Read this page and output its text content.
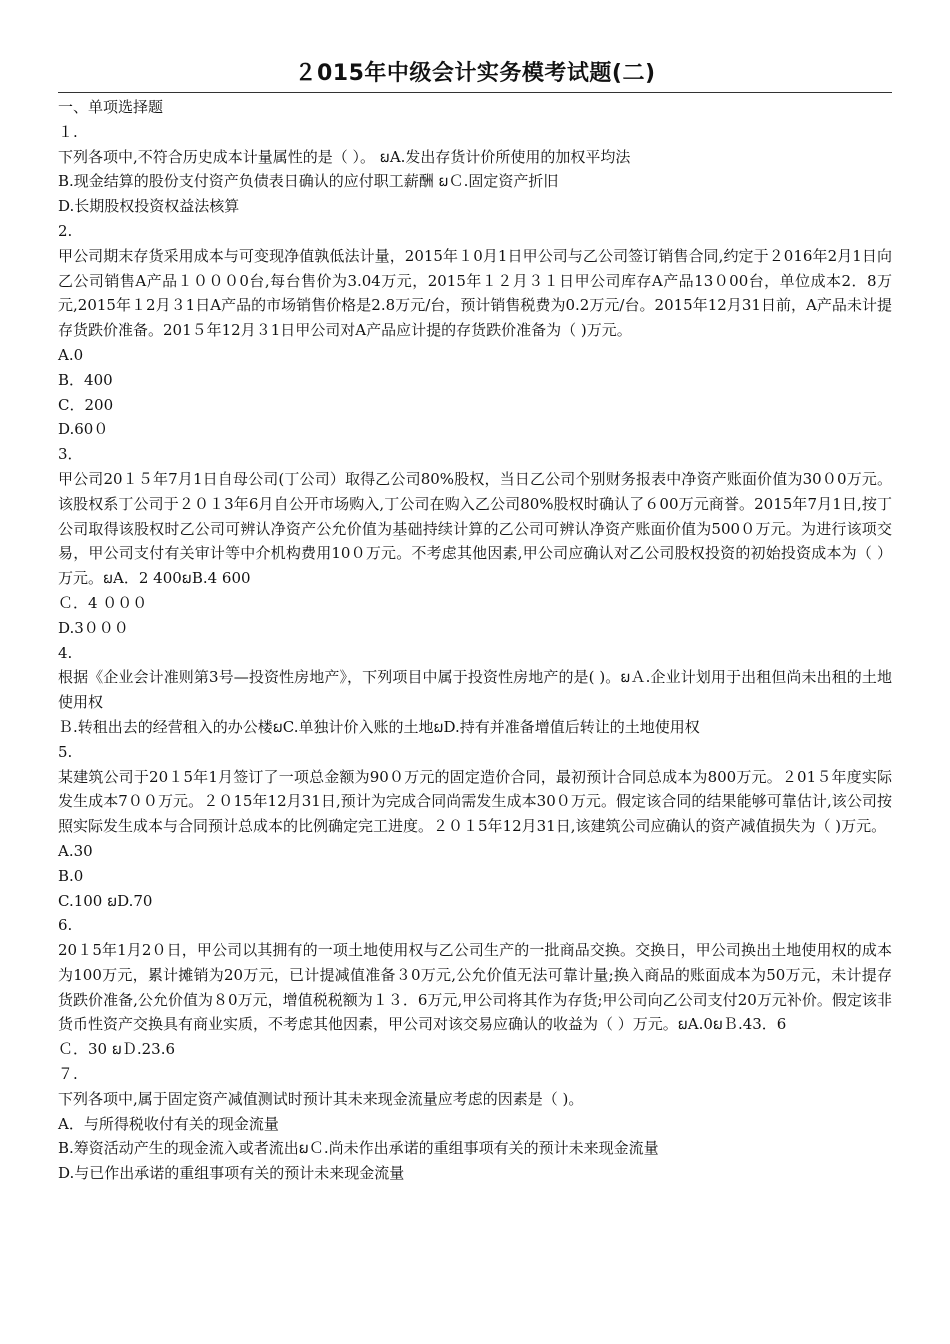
２015年中级会计实务模考试题(二)
一、单项选择题
１.
下列各项中,不符合历史成本计量属性的是（ ）。 ຏA.发出存货计价所使用的加权平均法
B.现金结算的股份支付资产负债表日确认的应付职工薪酬 ຏＣ.固定资产折旧
D.长期股权投资权益法核算
2.
甲公司期末存货采用成本与可变现净值孰低法计量，2015年１0月1日甲公司与乙公司签订销售合同,约定于２016年2月1日向乙公司销售A产品１０００0台,每台售价为3.04万元，2015年１２月３１日甲公司库存A产品13０00台，单位成本2．8万元,2015年１2月３1日A产品的市场销售价格是2.8万元/台，预计销售税费为0.2万元/台。2015年12月31日前，A产品未计提存货跌价准备。201５年12月３1日甲公司对A产品应计提的存货跌价准备为（ )万元。
A.0
B．400
C．200
D.60０
3．
甲公司20１５年7月1日自母公司(丁公司）取得乙公司80%股权，当日乙公司个别财务报表中净资产账面价值为30０0万元。该股权系丁公司于２０１3年6月自公开市场购入,丁公司在购入乙公司80%股权时确认了６00万元商誉。2015年7月1日,按丁公司取得该股权时乙公司可辨认净资产公允价值为基础持续计算的乙公司可辨认净资产账面价值为500０万元。为进行该项交易，甲公司支付有关审计等中介机构费用10０万元。不考虑其他因素,甲公司应确认对乙公司股权投资的初始投资成本为（ ）万元。ຏA．2 400ຏB.4 600
Ｃ．4 ０００
D.3０００
4.
根据《企业会计准则第3号—投资性房地产》，下列项目中属于投资性房地产的是( )。ຏＡ.企业计划用于出租但尚未出租的土地使用权
Ｂ.转租出去的经营租入的办公楼ຏC.单独计价入账的土地ຏD.持有并准备增值后转让的土地使用权
5.
某建筑公司于20１5年1月签订了一项总金额为90０万元的固定造价合同，最初预计合同总成本为800万元。２01５年度实际发生成本7００万元。２０15年12月31日,预计为完成合同尚需发生成本30０万元。假定该合同的结果能够可靠估计,该公司按照实际发生成本与合同预计总成本的比例确定完工进度。２０１5年12月31日,该建筑公司应确认的资产减值损失为（ )万元。
A.30
B.0
C.100 ຏD.70
6.
20１5年1月2０日，甲公司以其拥有的一项土地使用权与乙公司生产的一批商品交换。交换日，甲公司换出土地使用权的成本为100万元，累计摊销为20万元，已计提减值准备３0万元,公允价值无法可靠计量;换入商品的账面成本为50万元，未计提存货跌价准备,公允价值为８0万元，增值税税额为１３．6万元,甲公司将其作为存货;甲公司向乙公司支付20万元补价。假定该非货币性资产交换具有商业实质，不考虑其他因素，甲公司对该交易应确认的收益为（ ）万元。ຏA.0ຏＢ.43．6
Ｃ．30 ຏＤ.23.6
７.
下列各项中,属于固定资产减值测试时预计其未来现金流量应考虑的因素是（ )。
A．与所得税收付有关的现金流量
B.筹资活动产生的现金流入或者流出ຏＣ.尚未作出承诺的重组事项有关的预计未来现金流量
D.与已作出承诺的重组事项有关的预计未来现金流量
